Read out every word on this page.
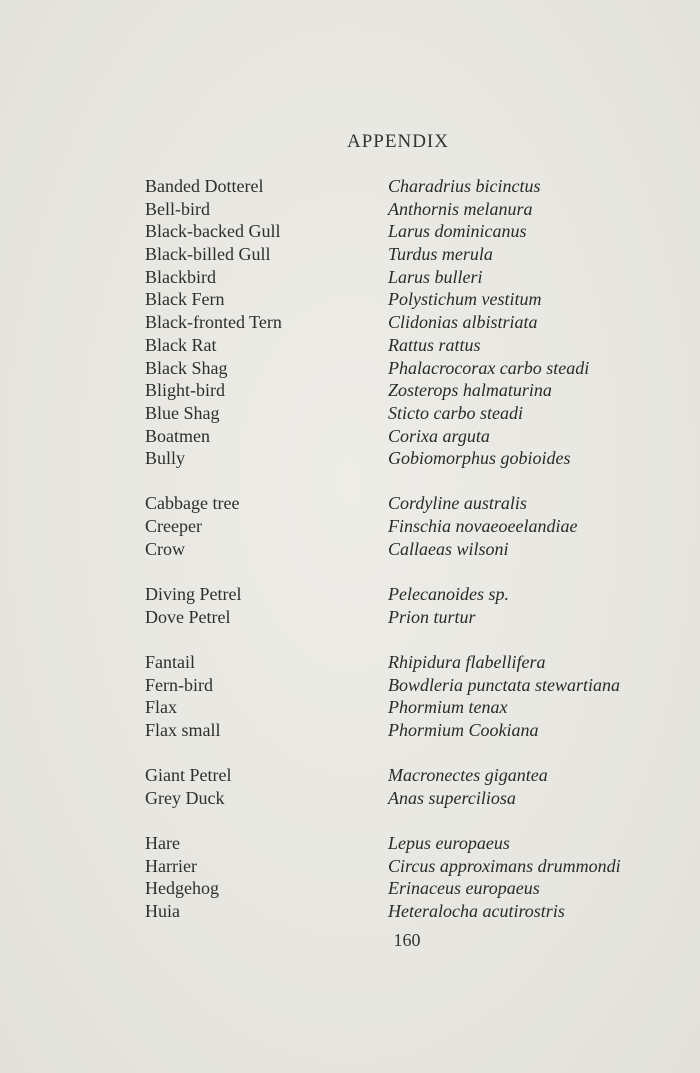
APPENDIX
Banded Dotterel	Charadrius bicinctus
Bell-bird	Anthornis melanura
Black-backed Gull	Larus dominicanus
Black-billed Gull	Turdus merula
Blackbird	Larus bulleri
Black Fern	Polystichum vestitum
Black-fronted Tern	Clidonias albistriata
Black Rat	Rattus rattus
Black Shag	Phalacrocorax carbo steadi
Blight-bird	Zosterops halmaturina
Blue Shag	Sticto carbo steadi
Boatmen	Corixa arguta
Bully	Gobiomorphus gobioides
Cabbage tree	Cordyline australis
Creeper	Finschia novaeoeelandiae
Crow	Callaeas wilsoni
Diving Petrel	Pelecanoides sp.
Dove Petrel	Prion turtur
Fantail	Rhipidura flabellifera
Fern-bird	Bowdleria punctata stewartiana
Flax	Phormium tenax
Flax small	Phormium Cookiana
Giant Petrel	Macronectes gigantea
Grey Duck	Anas superciliosa
Hare	Lepus europaeus
Harrier	Circus approximans drummondi
Hedgehog	Erinaceus europaeus
Huia	Heteralocha acutirostris
160
